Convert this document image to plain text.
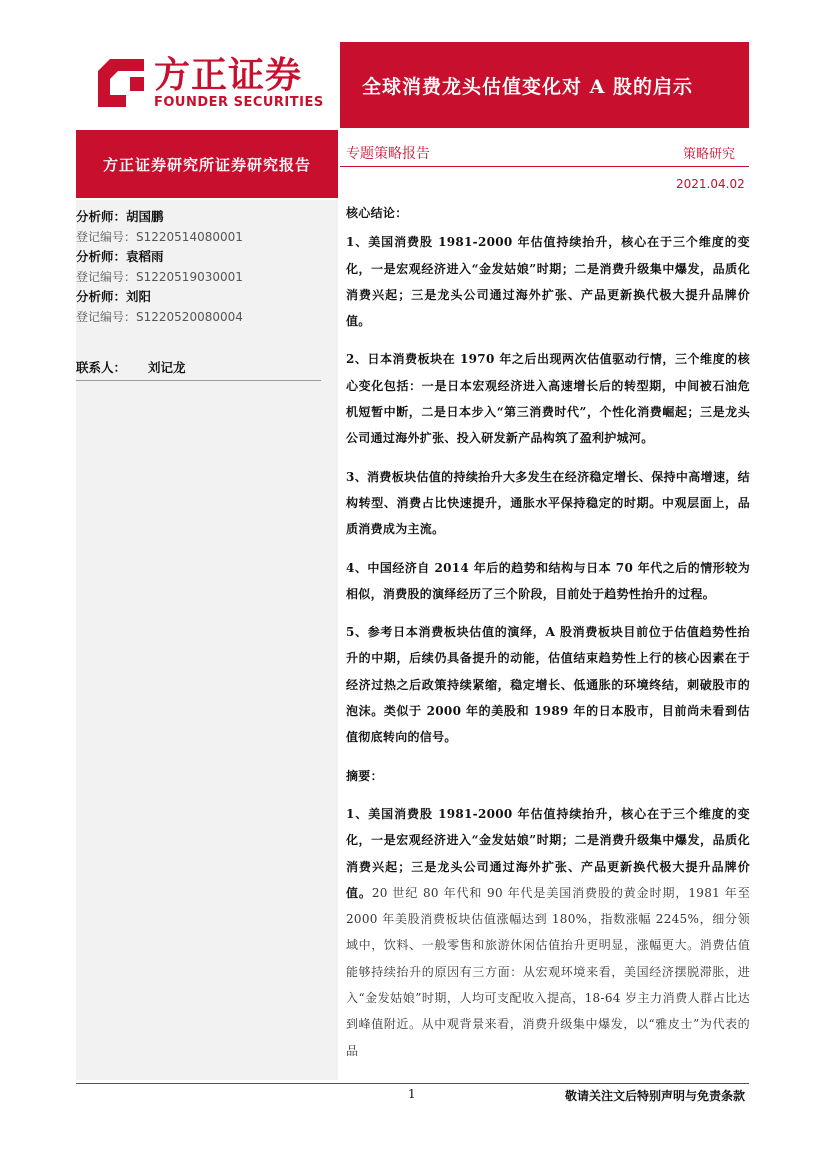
方正证券
FOUNDER SECURITIES
全球消费龙头估值变化对 A 股的启示
方正证券研究所证券研究报告
分析师：胡国鹏
登记编号：S1220514080001
分析师：袁稻雨
登记编号：S1220519030001
分析师：刘阳
登记编号：S1220520080004
联系人： 刘记龙
专题策略报告	策略研究
2021.04.02

核心结论：

1、美国消费股 1981-2000 年估值持续抬升，核心在于三个维度的变化，一是宏观经济进入“金发姑娘”时期；二是消费升级集中爆发，品质化消费兴起；三是龙头公司通过海外扩张、产品更新换代极大提升品牌价值。

2、日本消费板块在 1970 年之后出现两次估值驱动行情，三个维度的核心变化包括：一是日本宏观经济进入高速增长后的转型期，中间被石油危机短暂中断，二是日本步入“第三消费时代”，个性化消费崛起；三是龙头公司通过海外扩张、投入研发新产品构筑了盈利护城河。

3、消费板块估值的持续抬升大多发生在经济稳定增长、保持中高增速，结构转型、消费占比快速提升，通胀水平保持稳定的时期。中观层面上，品质消费成为主流。

4、中国经济自 2014 年后的趋势和结构与日本 70 年代之后的情形较为相似，消费股的演绎经历了三个阶段，目前处于趋势性抬升的过程。

5、参考日本消费板块估值的演绎，A 股消费板块目前位于估值趋势性抬升的中期，后续仍具备提升的动能，估值结束趋势性上行的核心因素在于经济过热之后政策持续紧缩，稳定增长、低通胀的环境终结，刺破股市的泡沫。类似于 2000 年的美股和 1989 年的日本股市，目前尚未看到估值彻底转向的信号。

摘要：

1、美国消费股 1981-2000 年估值持续抬升，核心在于三个维度的变化，一是宏观经济进入“金发姑娘”时期；二是消费升级集中爆发，品质化消费兴起；三是龙头公司通过海外扩张、产品更新换代极大提升品牌价值。20 世纪 80 年代和 90 年代是美国消费股的黄金时期，1981 年至 2000 年美股消费板块估值涨幅达到 180%，指数涨幅 2245%，细分领域中，饮料、一般零售和旅游休闲估值抬升更明显，涨幅更大。消费估值能够持续抬升的原因有三方面：从宏观环境来看，美国经济摆脱滞胀，进入“金发姑娘”时期，人均可支配收入提高，18-64 岁主力消费人群占比达到峰值附近。从中观背景来看，消费升级集中爆发，以“雅皮士”为代表的品

1	敬请关注文后特别声明与免责条款
